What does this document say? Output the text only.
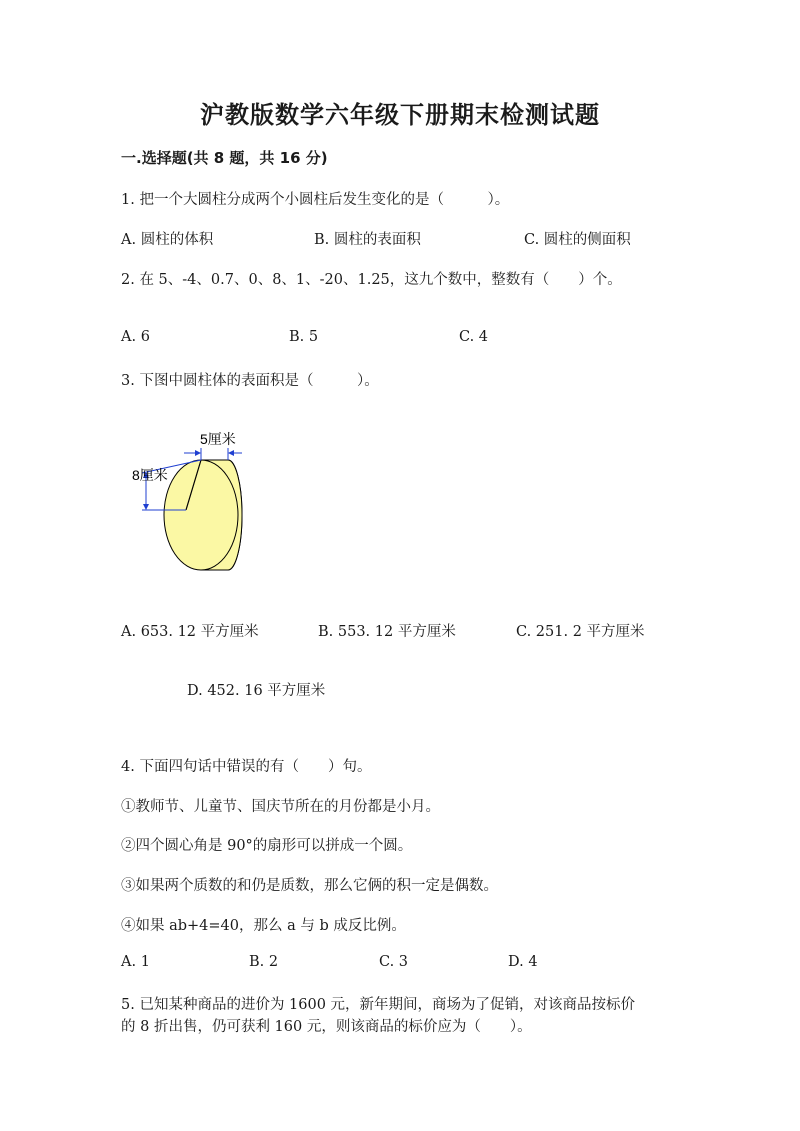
沪教版数学六年级下册期末检测试题
一.选择题(共 8 题，共 16 分)
1. 把一个大圆柱分成两个小圆柱后发生变化的是（　　　）。
A. 圆柱的体积	B. 圆柱的表面积	C. 圆柱的侧面积
2. 在 5、-4、0.7、0、8、1、-20、1.25，这九个数中，整数有（　　）个。
A. 6	B. 5	C. 4
3. 下图中圆柱体的表面积是（　　　）。
5厘米
8厘米
A. 653. 12 平方厘米	B. 553. 12 平方厘米	C. 251. 2 平方厘米
D. 452. 16 平方厘米
4. 下面四句话中错误的有（　　）句。
①教师节、儿童节、国庆节所在的月份都是小月。
②四个圆心角是 90°的扇形可以拼成一个圆。
③如果两个质数的和仍是质数，那么它俩的积一定是偶数。
④如果 ab+4=40，那么 a 与 b 成反比例。
A. 1	B. 2	C. 3	D. 4
5. 已知某种商品的进价为 1600 元，新年期间，商场为了促销，对该商品按标价
的 8 折出售，仍可获利 160 元，则该商品的标价应为（　　）。
